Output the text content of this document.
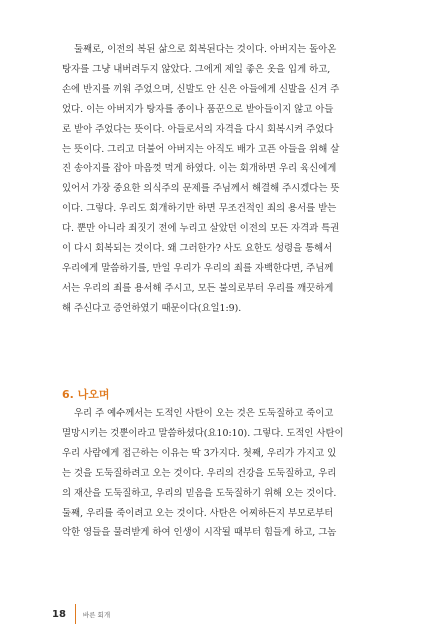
둘째로, 이전의 복된 삶으로 회복된다는 것이다. 아버지는 돌아온
탕자를 그냥 내버려두지 않았다. 그에게 제일 좋은 옷을 입게 하고,
손에 반지를 끼워 주었으며, 신발도 안 신은 아들에게 신발을 신겨 주
었다. 이는 아버지가 탕자를 종이나 품꾼으로 받아들이지 않고 아들
로 받아 주었다는 뜻이다. 아들로서의 자격을 다시 회복시켜 주었다
는 뜻이다. 그리고 더불어 아버지는 아직도 배가 고픈 아들을 위해 살
진 송아지를 잡아 마음껏 먹게 하였다. 이는 회개하면 우리 육신에게
있어서 가장 중요한 의식주의 문제를 주님께서 해결해 주시겠다는 뜻
이다. 그렇다. 우리도 회개하기만 하면 무조건적인 죄의 용서를 받는
다. 뿐만 아니라 죄짓기 전에 누리고 살았던 이전의 모든 자격과 특권
이 다시 회복되는 것이다. 왜 그러한가? 사도 요한도 성령을 통해서
우리에게 말씀하기를, 만일 우리가 우리의 죄를 자백한다면, 주님께
서는 우리의 죄를 용서해 주시고, 모든 불의로부터 우리를 깨끗하게
해 주신다고 증언하였기 때문이다(요일1:9).

6. 나오며

우리 주 예수께서는 도적인 사탄이 오는 것은 도둑질하고 죽이고
멸망시키는 것뿐이라고 말씀하셨다(요10:10). 그렇다. 도적인 사탄이
우리 사람에게 접근하는 이유는 딱 3가지다. 첫째, 우리가 가지고 있
는 것을 도둑질하려고 오는 것이다. 우리의 건강을 도둑질하고, 우리
의 재산을 도둑질하고, 우리의 믿음을 도둑질하기 위해 오는 것이다.
둘째, 우리를 죽이려고 오는 것이다. 사탄은 어찌하든지 부모로부터
악한 영들을 물려받게 하여 인생이 시작될 때부터 힘들게 하고, 그놈

18	바른 회개
